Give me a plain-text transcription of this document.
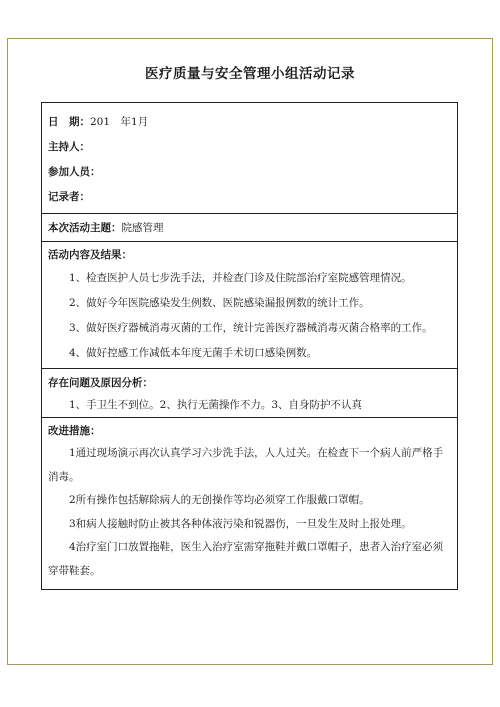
医疗质量与安全管理小组活动记录
日　期：201　年1月
主持人：
参加人员：
记录者：
本次活动主题：院感管理
活动内容及结果：

1、检查医护人员七步洗手法，并检查门诊及住院部治疗室院感管理情况。

2、做好今年医院感染发生例数、医院感染漏报例数的统计工作。

3、做好医疗器械消毒灭菌的工作，统计完善医疗器械消毒灭菌合格率的工作。

4、做好控感工作减低本年度无菌手术切口感染例数。

存在问题及原因分析：

1、手卫生不到位。2、执行无菌操作不力。3、自身防护不认真

改进措施：

1通过现场演示再次认真学习六步洗手法，人人过关。在检查下一个病人前严格手消毒。

2所有操作包括解除病人的无创操作等均必须穿工作服戴口罩帽。

3和病人接触时防止被其各种体液污染和锐器伤，一旦发生及时上报处理。

4治疗室门口放置拖鞋，医生入治疗室需穿拖鞋并戴口罩帽子，患者入治疗室必须穿带鞋套。
